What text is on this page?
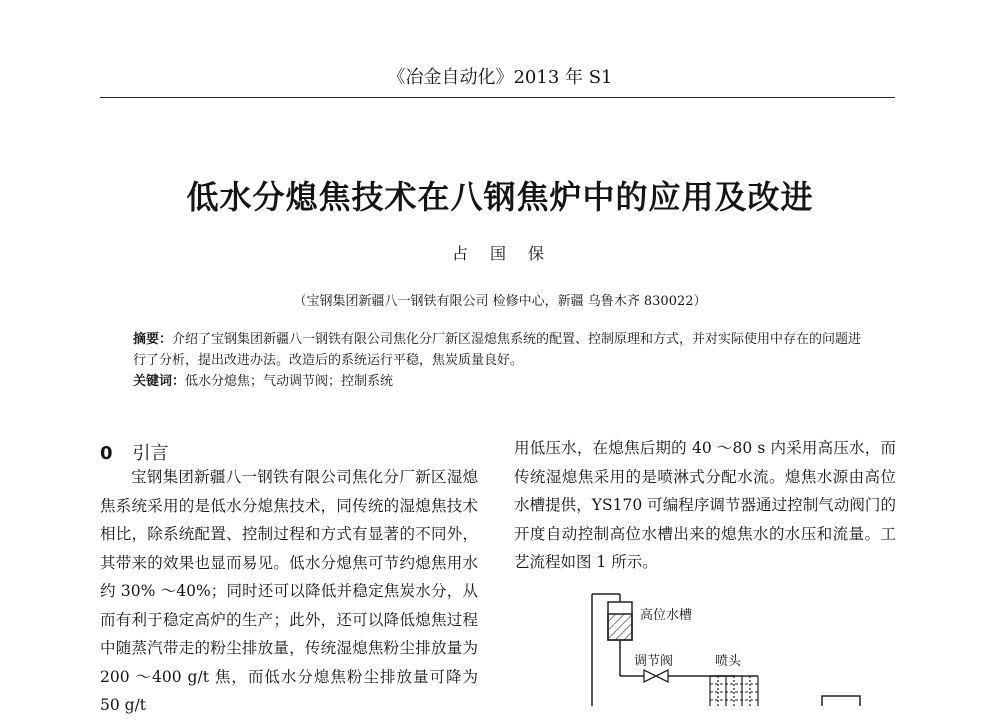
《冶金自动化》2013 年 S1
低水分熄焦技术在八钢焦炉中的应用及改进
占国保
（宝钢集团新疆八一钢铁有限公司 检修中心，新疆 乌鲁木齐 830022）

摘要：介绍了宝钢集团新疆八一钢铁有限公司焦化分厂新区湿熄焦系统的配置、控制原理和方式，并对实际使用中存在的问题进行了分析，提出改进办法。改造后的系统运行平稳，焦炭质量良好。

关键词：低水分熄焦；气动调节阀；控制系统

0 引言

宝钢集团新疆八一钢铁有限公司焦化分厂新区湿熄焦系统采用的是低水分熄焦技术，同传统的湿熄焦技术相比，除系统配置、控制过程和方式有显著的不同外，其带来的效果也显而易见。低水分熄焦可节约熄焦用水约 30% ～40%；同时还可以降低并稳定焦炭水分，从而有利于稳定高炉的生产；此外，还可以降低熄焦过程中随蒸汽带走的粉尘排放量，传统湿熄焦粉尘排放量为 200 ～400 g/t 焦，而低水分熄焦粉尘排放量可降为 50 g/t

用低压水，在熄焦后期的 40 ～80 s 内采用高压水，而传统湿熄焦采用的是喷淋式分配水流。熄焦水源由高位水槽提供，YS170 可编程序调节器通过控制气动阀门的开度自动控制高位水槽出来的熄焦水的水压和流量。工艺流程如图 1 所示。

高位水槽
调节阀	喷头
